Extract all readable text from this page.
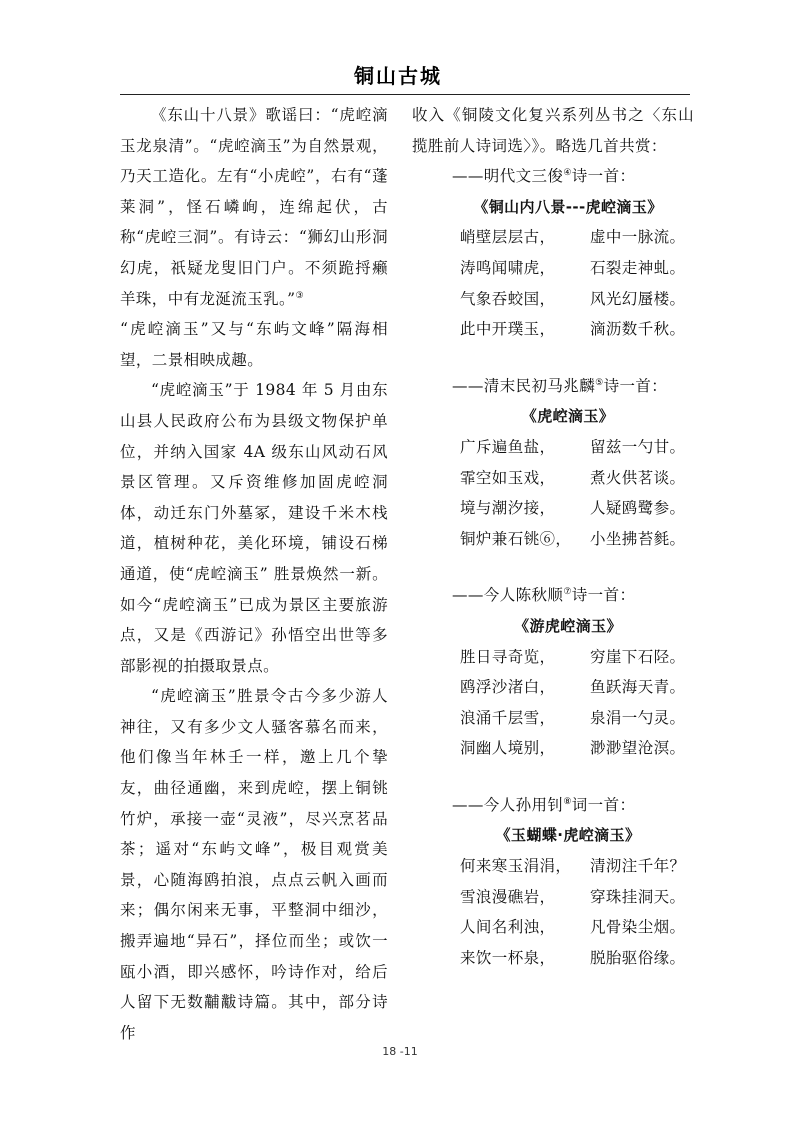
铜山古城

《东山十八景》歌谣曰：“虎崆滴玉龙泉清”。“虎崆滴玉”为自然景观，乃天工造化。左有“小虎崆”，右有“蓬莱洞”，怪石嶙峋，连绵起伏，古称“虎崆三洞”。有诗云：“狮幻山形洞幻虎，祇疑龙叟旧门户。不须跪捋癞羊珠，中有龙涎流玉乳。”③
“虎崆滴玉”又与“东屿文峰”隔海相望，二景相映成趣。

“虎崆滴玉”于 1984 年 5 月由东山县人民政府公布为县级文物保护单位，并纳入国家 4A 级东山风动石风景区管理。又斥资维修加固虎崆洞体，动迁东门外墓冢，建设千米木栈道，植树种花，美化环境，铺设石梯通道，使“虎崆滴玉” 胜景焕然一新。如今“虎崆滴玉”已成为景区主要旅游点，又是《西游记》孙悟空出世等多部影视的拍摄取景点。

“虎崆滴玉”胜景令古今多少游人神往，又有多少文人骚客慕名而来，他们像当年林壬一样，邀上几个挚友，曲径通幽，来到虎崆，摆上铜铫竹炉，承接一壶“灵液”，尽兴烹茗品茶；遥对“东屿文峰”，极目观赏美景，心随海鸥拍浪，点点云帆入画而来；偶尔闲来无事，平整洞中细沙，搬弄遍地“异石”，择位而坐；或饮一瓯小酒，即兴感怀，吟诗作对，给后人留下无数黼黻诗篇。其中，部分诗作

收入《铜陵文化复兴系列丛书之〈东山揽胜前人诗词选〉》。略选几首共赏：

——明代文三俊④诗一首：

《铜山内八景---虎崆滴玉》

峭壁层层古， 虚中一脉流。

涛鸣闻啸虎， 石裂走神虬。

气象吞蛟国， 风光幻蜃楼。

此中开璞玉， 滴沥数千秋。

——清末民初马兆麟⑤诗一首：

《虎崆滴玉》

广斥遍鱼盐， 留兹一勺甘。

霏空如玉戏， 煮火供茗谈。

境与潮汐接， 人疑鸥鹭参。

铜炉兼石铫⑥， 小坐拂苔毵。

——今人陈秋顺⑦诗一首：

《游虎崆滴玉》

胜日寻奇览， 穷崖下石陉。

鸥浮沙渚白， 鱼跃海天青。

浪涌千层雪， 泉涓一勺灵。

洞幽人境别， 渺渺望沧溟。

——今人孙用钊⑧词一首：

《玉蝴蝶·虎崆滴玉》

何来寒玉涓涓， 清沏注千年？

雪浪漫礁岩， 穿珠挂洞天。

人间名利浊， 凡骨染尘烟。

来饮一杯泉， 脱胎驱俗缘。

18 -11
